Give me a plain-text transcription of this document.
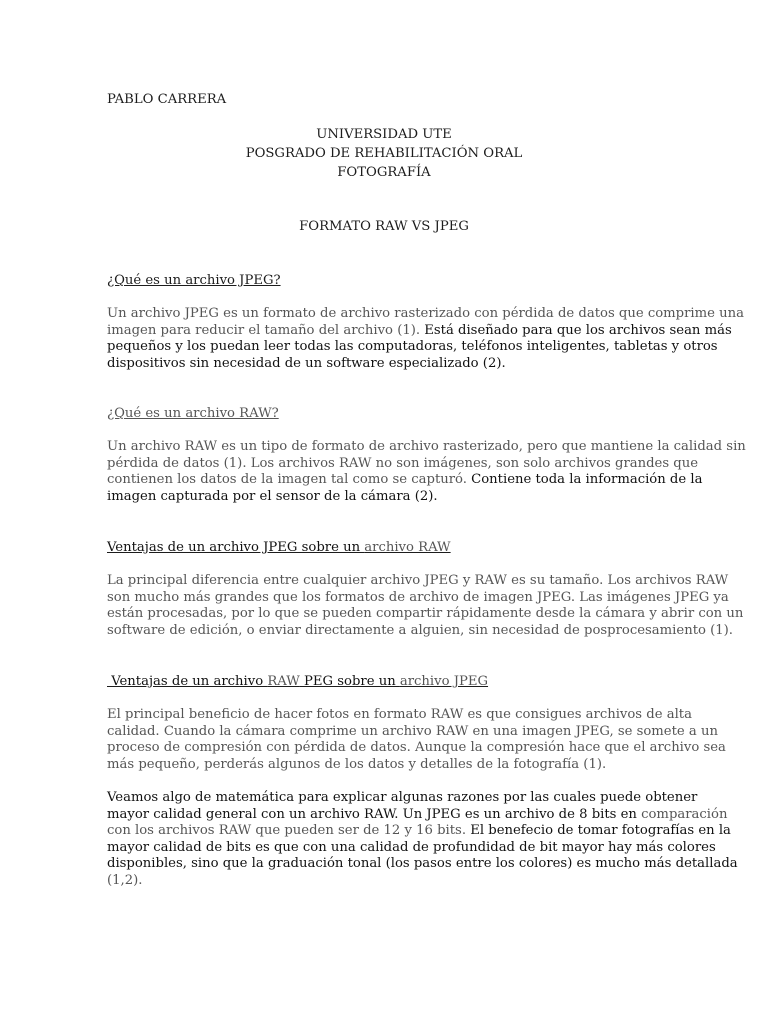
PABLO CARRERA
UNIVERSIDAD UTE
POSGRADO DE REHABILITACIÓN ORAL
FOTOGRAFÍA
FORMATO RAW VS JPEG
¿Qué es un archivo JPEG?
Un archivo JPEG es un formato de archivo rasterizado con pérdida de datos que comprime una
imagen para reducir el tamaño del archivo (1). Está diseñado para que los archivos sean más
pequeños y los puedan leer todas las computadoras, teléfonos inteligentes, tabletas y otros
dispositivos sin necesidad de un software especializado (2).
¿Qué es un archivo RAW?
Un archivo RAW es un tipo de formato de archivo rasterizado, pero que mantiene la calidad sin
pérdida de datos (1). Los archivos RAW no son imágenes, son solo archivos grandes que
contienen los datos de la imagen tal como se capturó. Contiene toda la información de la
imagen capturada por el sensor de la cámara (2).
Ventajas de un archivo JPEG sobre un archivo RAW
La principal diferencia entre cualquier archivo JPEG y RAW es su tamaño. Los archivos RAW
son mucho más grandes que los formatos de archivo de imagen JPEG. Las imágenes JPEG ya
están procesadas, por lo que se pueden compartir rápidamente desde la cámara y abrir con un
software de edición, o enviar directamente a alguien, sin necesidad de posprocesamiento (1).
Ventajas de un archivo RAW PEG sobre un archivo JPEG
El principal beneficio de hacer fotos en formato RAW es que consigues archivos de alta
calidad. Cuando la cámara comprime un archivo RAW en una imagen JPEG, se somete a un
proceso de compresión con pérdida de datos. Aunque la compresión hace que el archivo sea
más pequeño, perderás algunos de los datos y detalles de la fotografía (1).
Veamos algo de matemática para explicar algunas razones por las cuales puede obtener
mayor calidad general con un archivo RAW. Un JPEG es un archivo de 8 bits en comparación
con los archivos RAW que pueden ser de 12 y 16 bits. El benefecio de tomar fotografías en la
mayor calidad de bits es que con una calidad de profundidad de bit mayor hay más colores
disponibles, sino que la graduación tonal (los pasos entre los colores) es mucho más detallada
(1,2).
